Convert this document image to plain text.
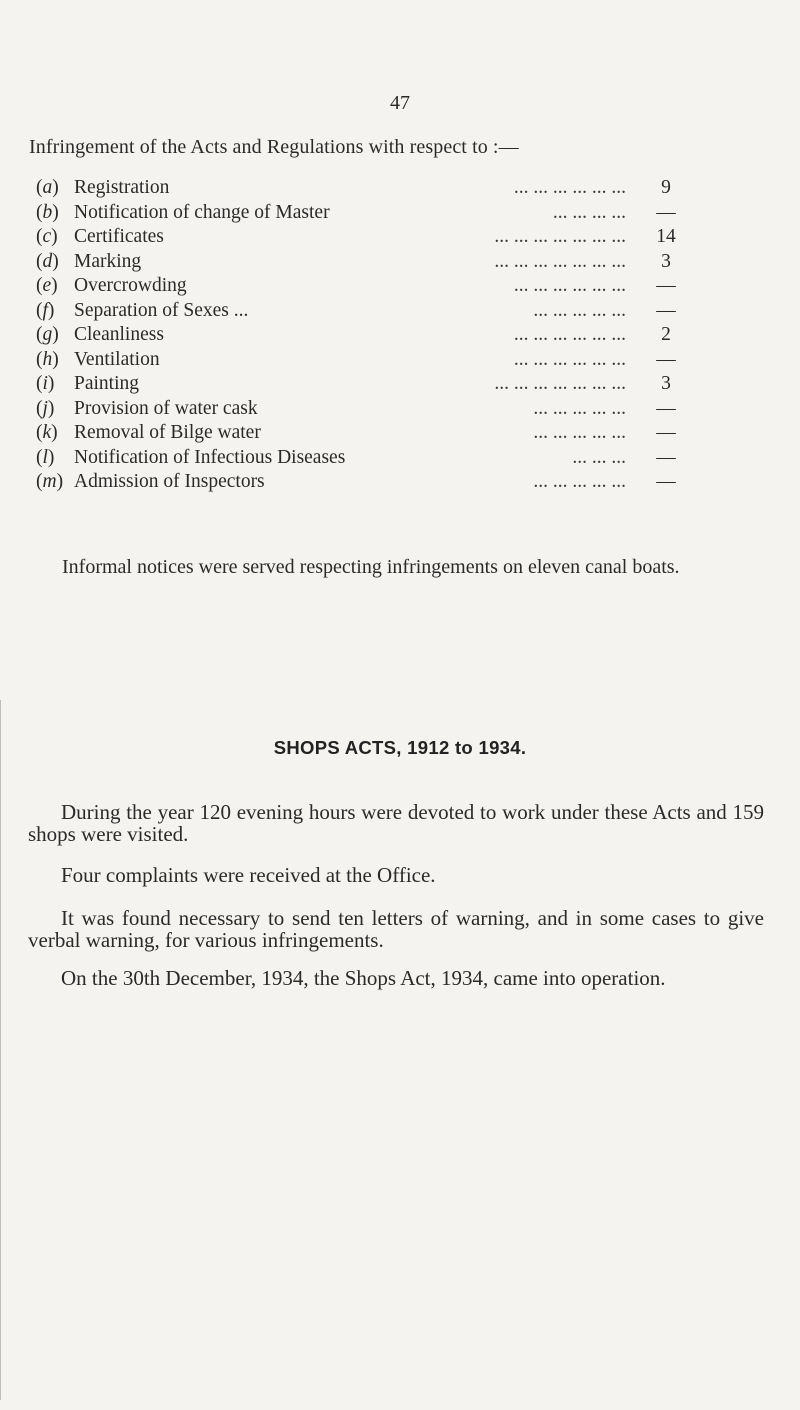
47
Infringement of the Acts and Regulations with respect to :—
(a) Registration	... ... ... ... ... ...	9
(b) Notification of change of Master	... ... ... ...	—
(c) Certificates	... ... ... ... ... ... ...	14
(d) Marking	... ... ... ... ... ... ...	3
(e) Overcrowding	... ... ... ... ... ...	—
(f) Separation of Sexes ...	... ... ... ... ...	—
(g) Cleanliness	... ... ... ... ... ...	2
(h) Ventilation	... ... ... ... ... ...	—
(i) Painting	... ... ... ... ... ... ...	3
(j) Provision of water cask	... ... ... ... ...	—
(k) Removal of Bilge water	... ... ... ... ...	—
(l) Notification of Infectious Diseases	... ... ...	—
(m) Admission of Inspectors	... ... ... ... ...	—
Informal notices were served respecting infringements on eleven canal boats.
SHOPS ACTS, 1912 to 1934.

During the year 120 evening hours were devoted to work under these Acts and 159 shops were visited.

Four complaints were received at the Office.

It was found necessary to send ten letters of warning, and in some cases to give verbal warning, for various infringements.

On the 30th December, 1934, the Shops Act, 1934, came into operation.
